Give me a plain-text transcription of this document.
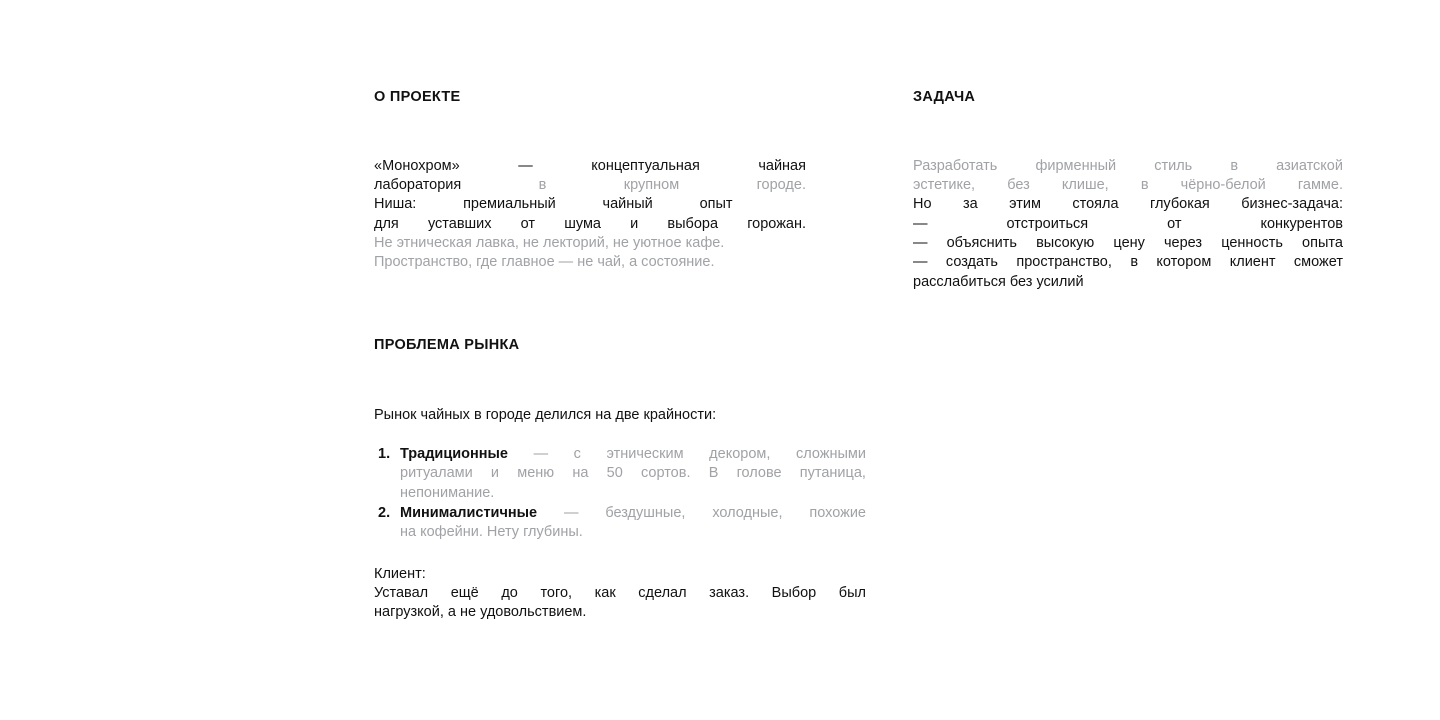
О ПРОЕКТЕ
«Монохром»	—	концептуальная	чайная
лаборатория	в	крупном	городе.
Ниша:	премиальный	чайный	опыт
для уставших от шума и выбора горожан.
Не этническая лавка, не лекторий, не уютное кафе.
Пространство, где главное — не чай, а состояние.
ПРОБЛЕМА РЫНКА

Рынок чайных в городе делился на две крайности:

1. Традиционные — с этническим декором, сложными
ритуалами и меню на 50 сортов. В голове путаница,
непонимание.
2. Минималистичные — бездушные, холодные, похожие
на кофейни. Нету глубины.
Клиент:
Уставал ещё до того, как сделал заказ. Выбор был
нагрузкой, а не удовольствием.
ЗАДАЧА
Разработать	фирменный	стиль	в	азиатской
эстетике, без клише, в чёрно-белой гамме.
Но за этим стояла глубокая бизнес-задача:
—	отстроиться	от	конкурентов
— объяснить высокую цену через ценность опыта
— создать пространство, в котором клиент сможет
расслабиться без усилий
